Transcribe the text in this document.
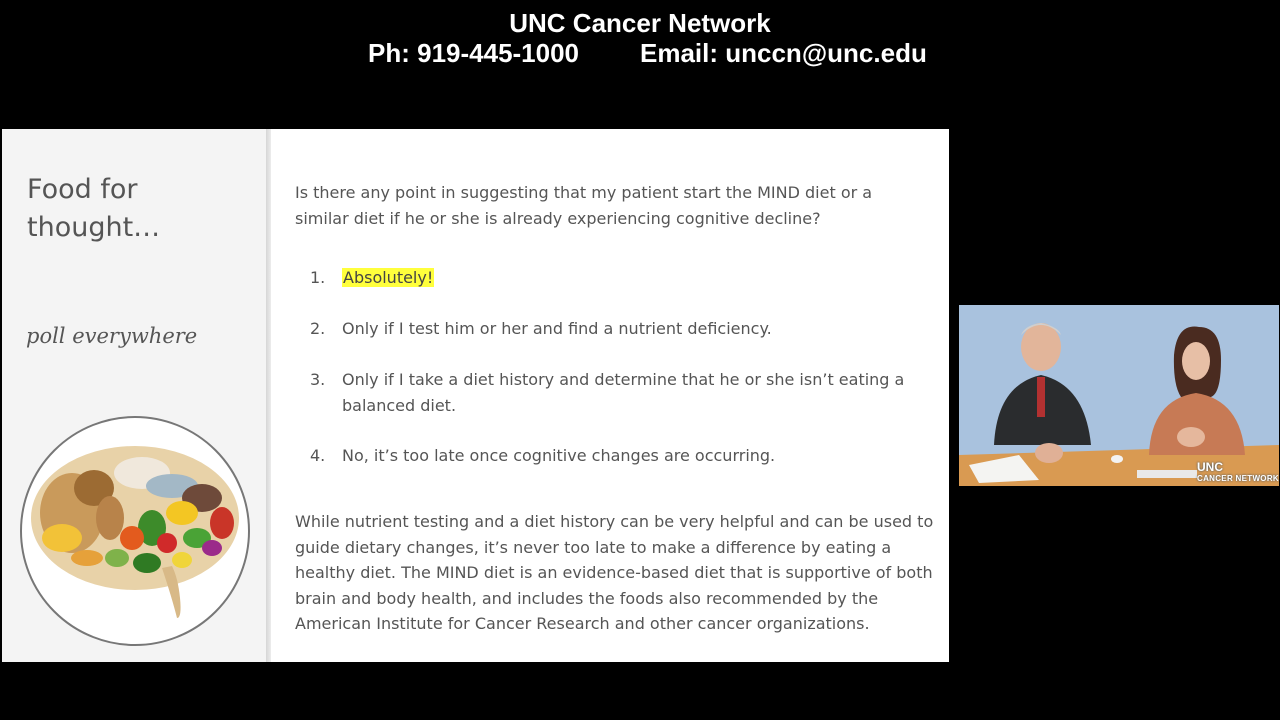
UNC Cancer Network
Ph: 919-445-1000 Email: unccn@unc.edu
Food for thought…
poll everywhere
Is there any point in suggesting that my patient start the MIND diet or a similar diet if he or she is already experiencing cognitive decline?
1. Absolutely!
2. Only if I test him or her and find a nutrient deficiency.
3. Only if I take a diet history and determine that he or she isn’t eating a balanced diet.
4. No, it’s too late once cognitive changes are occurring.
While nutrient testing and a diet history can be very helpful and can be used to guide dietary changes, it’s never too late to make a difference by eating a healthy diet. The MIND diet is an evidence-based diet that is supportive of both brain and body health, and includes the foods also recommended by the American Institute for Cancer Research and other cancer organizations.
UNC
CANCER NETWORK
